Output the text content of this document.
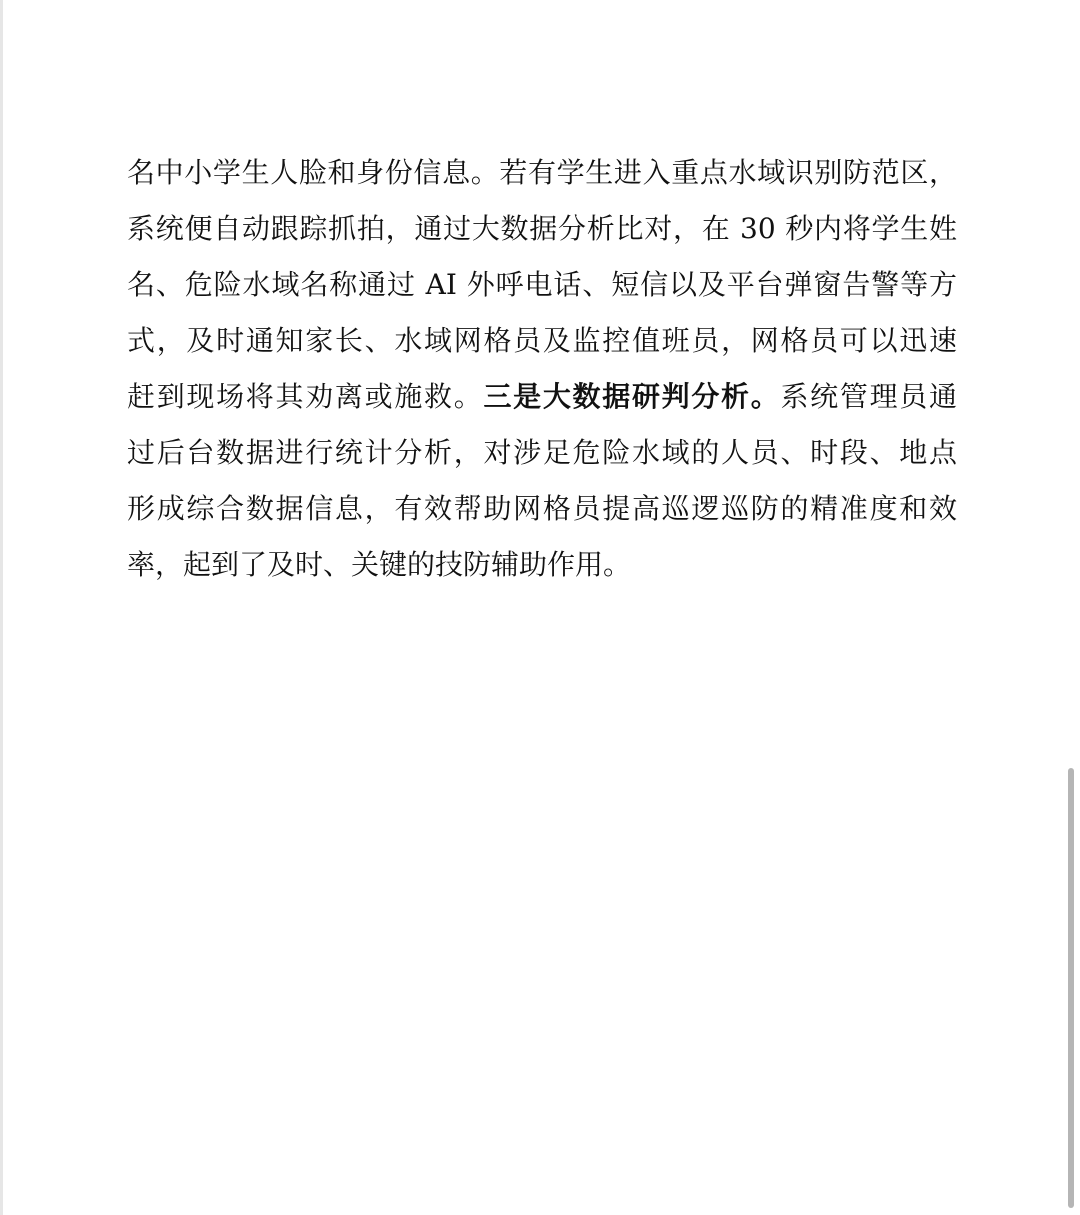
名中小学生人脸和身份信息。若有学生进入重点水域识别防范区，
系统便自动跟踪抓拍，通过大数据分析比对，在 30 秒内将学生姓
名、危险水域名称通过 AI 外呼电话、短信以及平台弹窗告警等方
式，及时通知家长、水域网格员及监控值班员，网格员可以迅速
赶到现场将其劝离或施救。三是大数据研判分析。系统管理员通
过后台数据进行统计分析，对涉足危险水域的人员、时段、地点
形成综合数据信息，有效帮助网格员提高巡逻巡防的精准度和效
率，起到了及时、关键的技防辅助作用。
